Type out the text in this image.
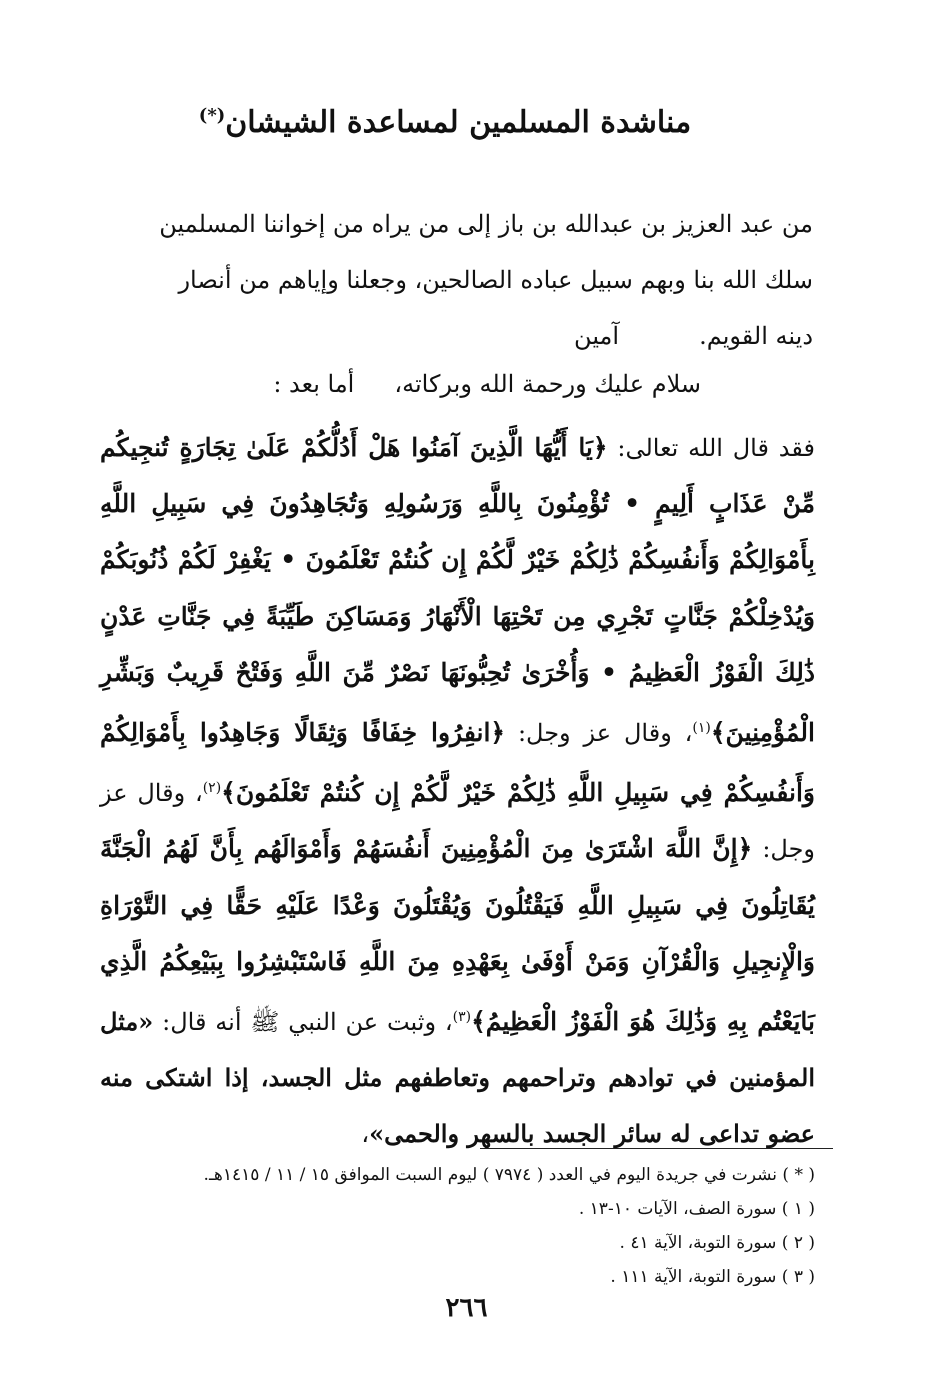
مناشدة المسلمين لمساعدة الشيشان(*)

من عبد العزيز بن عبدالله بن باز إلى من يراه من إخواننا المسلمين

سلك الله بنا وبهم سبيل عباده الصالحين، وجعلنا وإياهم من أنصار

دينه القويم.آمين

سلام عليك ورحمة الله وبركاته،أما بعد :
فقد قال الله تعالى: ﴿يَا أَيُّهَا الَّذِينَ آمَنُوا هَلْ أَدُلُّكُمْ عَلَىٰ تِجَارَةٍ تُنجِيكُم مِّنْ عَذَابٍ أَلِيمٍ • تُؤْمِنُونَ بِاللَّهِ وَرَسُولِهِ وَتُجَاهِدُونَ فِي سَبِيلِ اللَّهِ بِأَمْوَالِكُمْ وَأَنفُسِكُمْ ذَٰلِكُمْ خَيْرٌ لَّكُمْ إِن كُنتُمْ تَعْلَمُونَ • يَغْفِرْ لَكُمْ ذُنُوبَكُمْ وَيُدْخِلْكُمْ جَنَّاتٍ تَجْرِي مِن تَحْتِهَا الْأَنْهَارُ وَمَسَاكِنَ طَيِّبَةً فِي جَنَّاتِ عَدْنٍ ذَٰلِكَ الْفَوْزُ الْعَظِيمُ • وَأُخْرَىٰ تُحِبُّونَهَا نَصْرٌ مِّنَ اللَّهِ وَفَتْحٌ قَرِيبٌ وَبَشِّرِ الْمُؤْمِنِينَ﴾$^{(١)}$، وقال عز وجل: ﴿انفِرُوا خِفَافًا وَثِقَالًا وَجَاهِدُوا بِأَمْوَالِكُمْ وَأَنفُسِكُمْ فِي سَبِيلِ اللَّهِ ذَٰلِكُمْ خَيْرٌ لَّكُمْ إِن كُنتُمْ تَعْلَمُونَ﴾$^{(٢)}$، وقال عز وجل: ﴿إِنَّ اللَّهَ اشْتَرَىٰ مِنَ الْمُؤْمِنِينَ أَنفُسَهُمْ وَأَمْوَالَهُم بِأَنَّ لَهُمُ الْجَنَّةَ يُقَاتِلُونَ فِي سَبِيلِ اللَّهِ فَيَقْتُلُونَ وَيُقْتَلُونَ وَعْدًا عَلَيْهِ حَقًّا فِي التَّوْرَاةِ وَالْإِنجِيلِ وَالْقُرْآنِ وَمَنْ أَوْفَىٰ بِعَهْدِهِ مِنَ اللَّهِ فَاسْتَبْشِرُوا بِبَيْعِكُمُ الَّذِي بَايَعْتُم بِهِ وَذَٰلِكَ هُوَ الْفَوْزُ الْعَظِيمُ﴾$^{(٣)}$، وثبت عن النبي ﷺ أنه قال: «مثل المؤمنين في توادهم وتراحمهم وتعاطفهم مثل الجسد، إذا اشتكى منه عضو تداعى له سائر الجسد بالسهر والحمى»،
( * ) نشرت في جريدة اليوم في العدد ( ٧٩٧٤ ) ليوم السبت الموافق ١٥ / ١١ / ١٤١٥هـ.
( ١ ) سورة الصف، الآيات ١٠-١٣ .
( ٢ ) سورة التوبة، الآية ٤١ .
( ٣ ) سورة التوبة، الآية ١١١ .
٢٦٦
